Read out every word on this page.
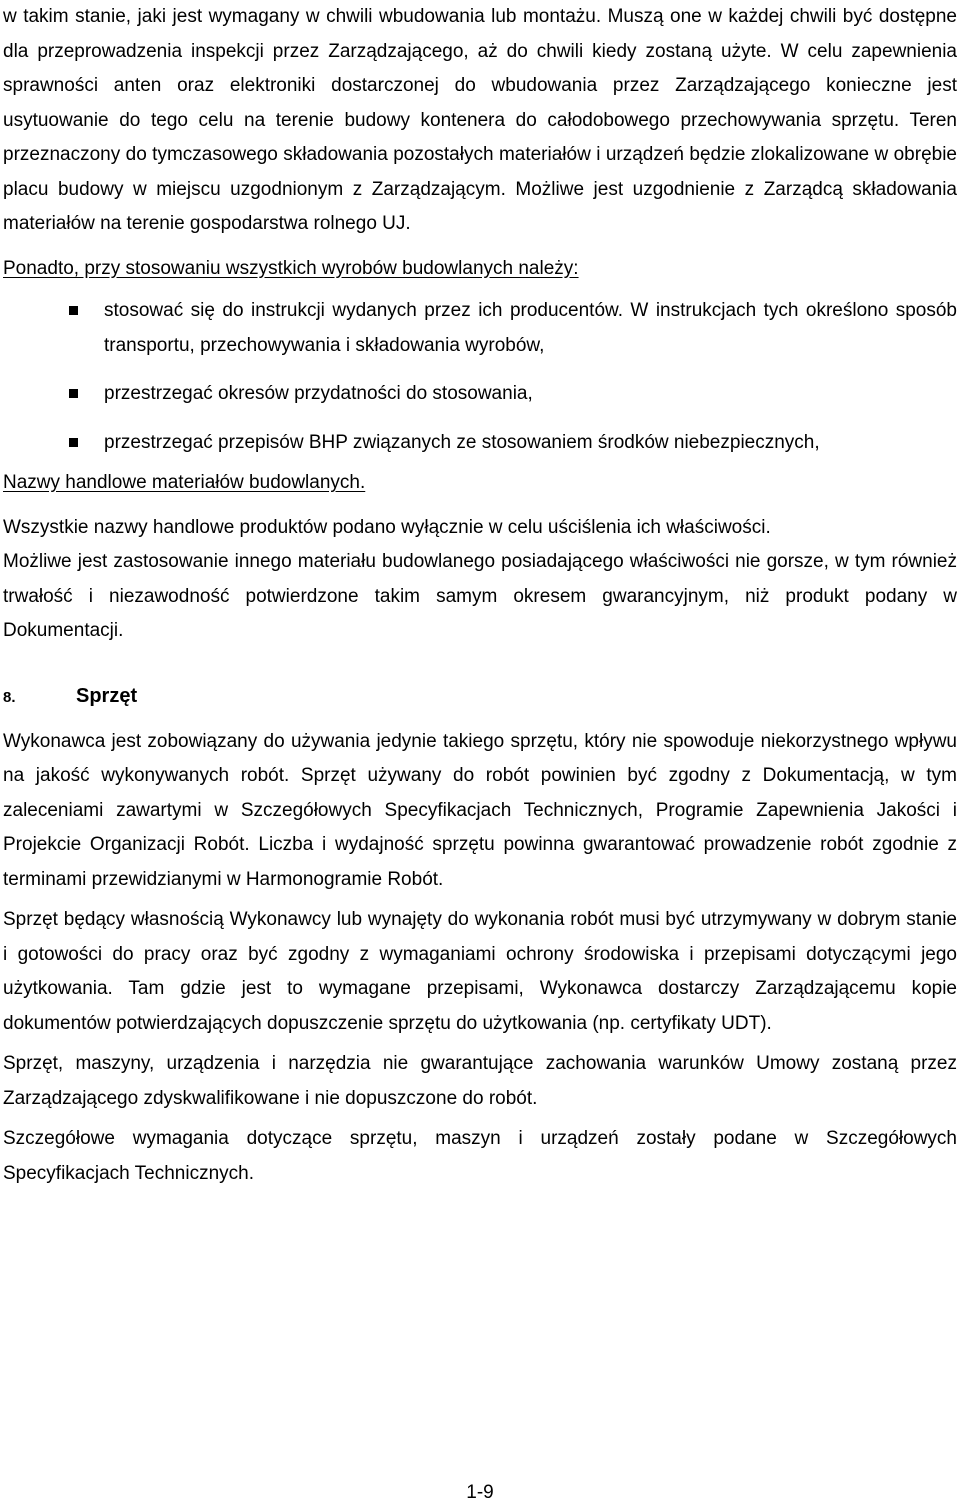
w takim stanie, jaki jest wymagany w chwili wbudowania lub montażu. Muszą one w każdej chwili być dostępne dla przeprowadzenia inspekcji przez Zarządzającego, aż do chwili kiedy zostaną użyte. W celu zapewnienia sprawności anten oraz elektroniki dostarczonej do wbudowania przez Zarządzającego konieczne jest usytuowanie do tego celu na terenie budowy kontenera do całodobowego przechowywania sprzętu. Teren przeznaczony do tymczasowego składowania pozostałych materiałów i urządzeń będzie zlokalizowane w obrębie placu budowy w miejscu uzgodnionym z Zarządzającym. Możliwe jest uzgodnienie z Zarządcą składowania materiałów na terenie gospodarstwa rolnego UJ.

Ponadto, przy stosowaniu wszystkich wyrobów budowlanych należy:

stosować się do instrukcji wydanych przez ich producentów. W instrukcjach tych określono sposób transportu, przechowywania i składowania wyrobów,
przestrzegać okresów przydatności do stosowania,
przestrzegać przepisów BHP związanych ze stosowaniem środków niebezpiecznych,

Nazwy handlowe materiałów budowlanych.

Wszystkie nazwy handlowe produktów podano wyłącznie w celu uściślenia ich właściwości.

Możliwe jest zastosowanie innego materiału budowlanego posiadającego właściwości nie gorsze, w tym również trwałość i niezawodność potwierdzone takim samym okresem gwarancyjnym, niż produkt podany w Dokumentacji.

8.	Sprzęt

Wykonawca jest zobowiązany do używania jedynie takiego sprzętu, który nie spowoduje niekorzystnego wpływu na jakość wykonywanych robót. Sprzęt używany do robót powinien być zgodny z Dokumentacją, w tym zaleceniami zawartymi w Szczegółowych Specyfikacjach Technicznych, Programie Zapewnienia Jakości i Projekcie Organizacji Robót. Liczba i wydajność sprzętu powinna gwarantować prowadzenie robót zgodnie z terminami przewidzianymi w Harmonogramie Robót.

Sprzęt będący własnością Wykonawcy lub wynajęty do wykonania robót musi być utrzymywany w dobrym stanie i gotowości do pracy oraz być zgodny z wymaganiami ochrony środowiska i przepisami dotyczącymi jego użytkowania. Tam gdzie jest to wymagane przepisami, Wykonawca dostarczy Zarządzającemu kopie dokumentów potwierdzających dopuszczenie sprzętu do użytkowania (np. certyfikaty UDT).

Sprzęt, maszyny, urządzenia i narzędzia nie gwarantujące zachowania warunków Umowy zostaną przez Zarządzającego zdyskwalifikowane i nie dopuszczone do robót.

Szczegółowe wymagania dotyczące sprzętu, maszyn i urządzeń zostały podane w Szczegółowych Specyfikacjach Technicznych.

1-9
